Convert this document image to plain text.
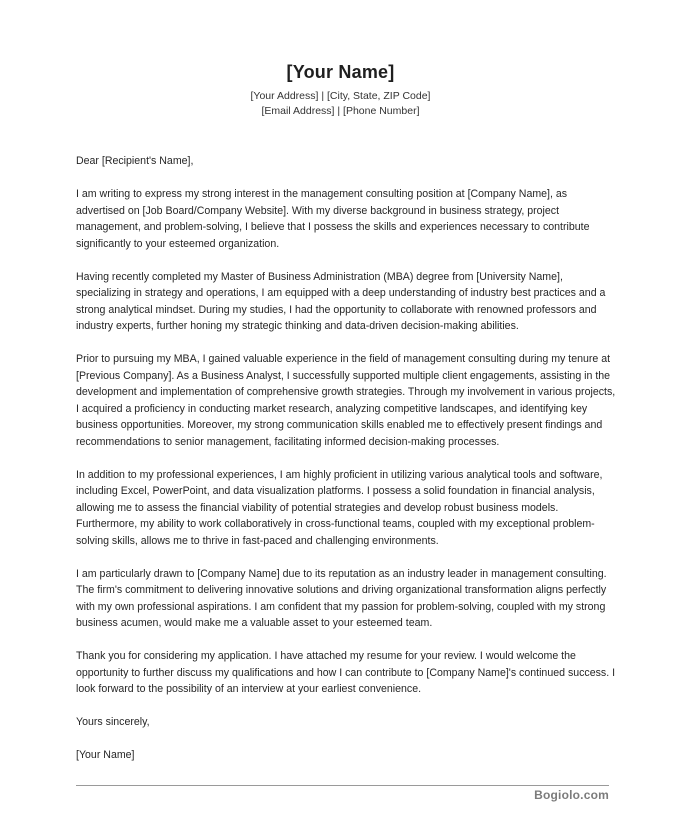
[Your Name]
[Your Address] | [City, State, ZIP Code]
[Email Address] | [Phone Number]

Dear [Recipient's Name],

I am writing to express my strong interest in the management consulting position at [Company Name], as advertised on [Job Board/Company Website]. With my diverse background in business strategy, project management, and problem-solving, I believe that I possess the skills and experiences necessary to contribute significantly to your esteemed organization.

Having recently completed my Master of Business Administration (MBA) degree from [University Name], specializing in strategy and operations, I am equipped with a deep understanding of industry best practices and a strong analytical mindset. During my studies, I had the opportunity to collaborate with renowned professors and industry experts, further honing my strategic thinking and data-driven decision-making abilities.

Prior to pursuing my MBA, I gained valuable experience in the field of management consulting during my tenure at [Previous Company]. As a Business Analyst, I successfully supported multiple client engagements, assisting in the development and implementation of comprehensive growth strategies. Through my involvement in various projects, I acquired a proficiency in conducting market research, analyzing competitive landscapes, and identifying key business opportunities. Moreover, my strong communication skills enabled me to effectively present findings and recommendations to senior management, facilitating informed decision-making processes.

In addition to my professional experiences, I am highly proficient in utilizing various analytical tools and software, including Excel, PowerPoint, and data visualization platforms. I possess a solid foundation in financial analysis, allowing me to assess the financial viability of potential strategies and develop robust business models. Furthermore, my ability to work collaboratively in cross-functional teams, coupled with my exceptional problem-solving skills, allows me to thrive in fast-paced and challenging environments.

I am particularly drawn to [Company Name] due to its reputation as an industry leader in management consulting. The firm's commitment to delivering innovative solutions and driving organizational transformation aligns perfectly with my own professional aspirations. I am confident that my passion for problem-solving, coupled with my strong business acumen, would make me a valuable asset to your esteemed team.

Thank you for considering my application. I have attached my resume for your review. I would welcome the opportunity to further discuss my qualifications and how I can contribute to [Company Name]'s continued success. I look forward to the possibility of an interview at your earliest convenience.

Yours sincerely,

[Your Name]

Bogiolo.com
